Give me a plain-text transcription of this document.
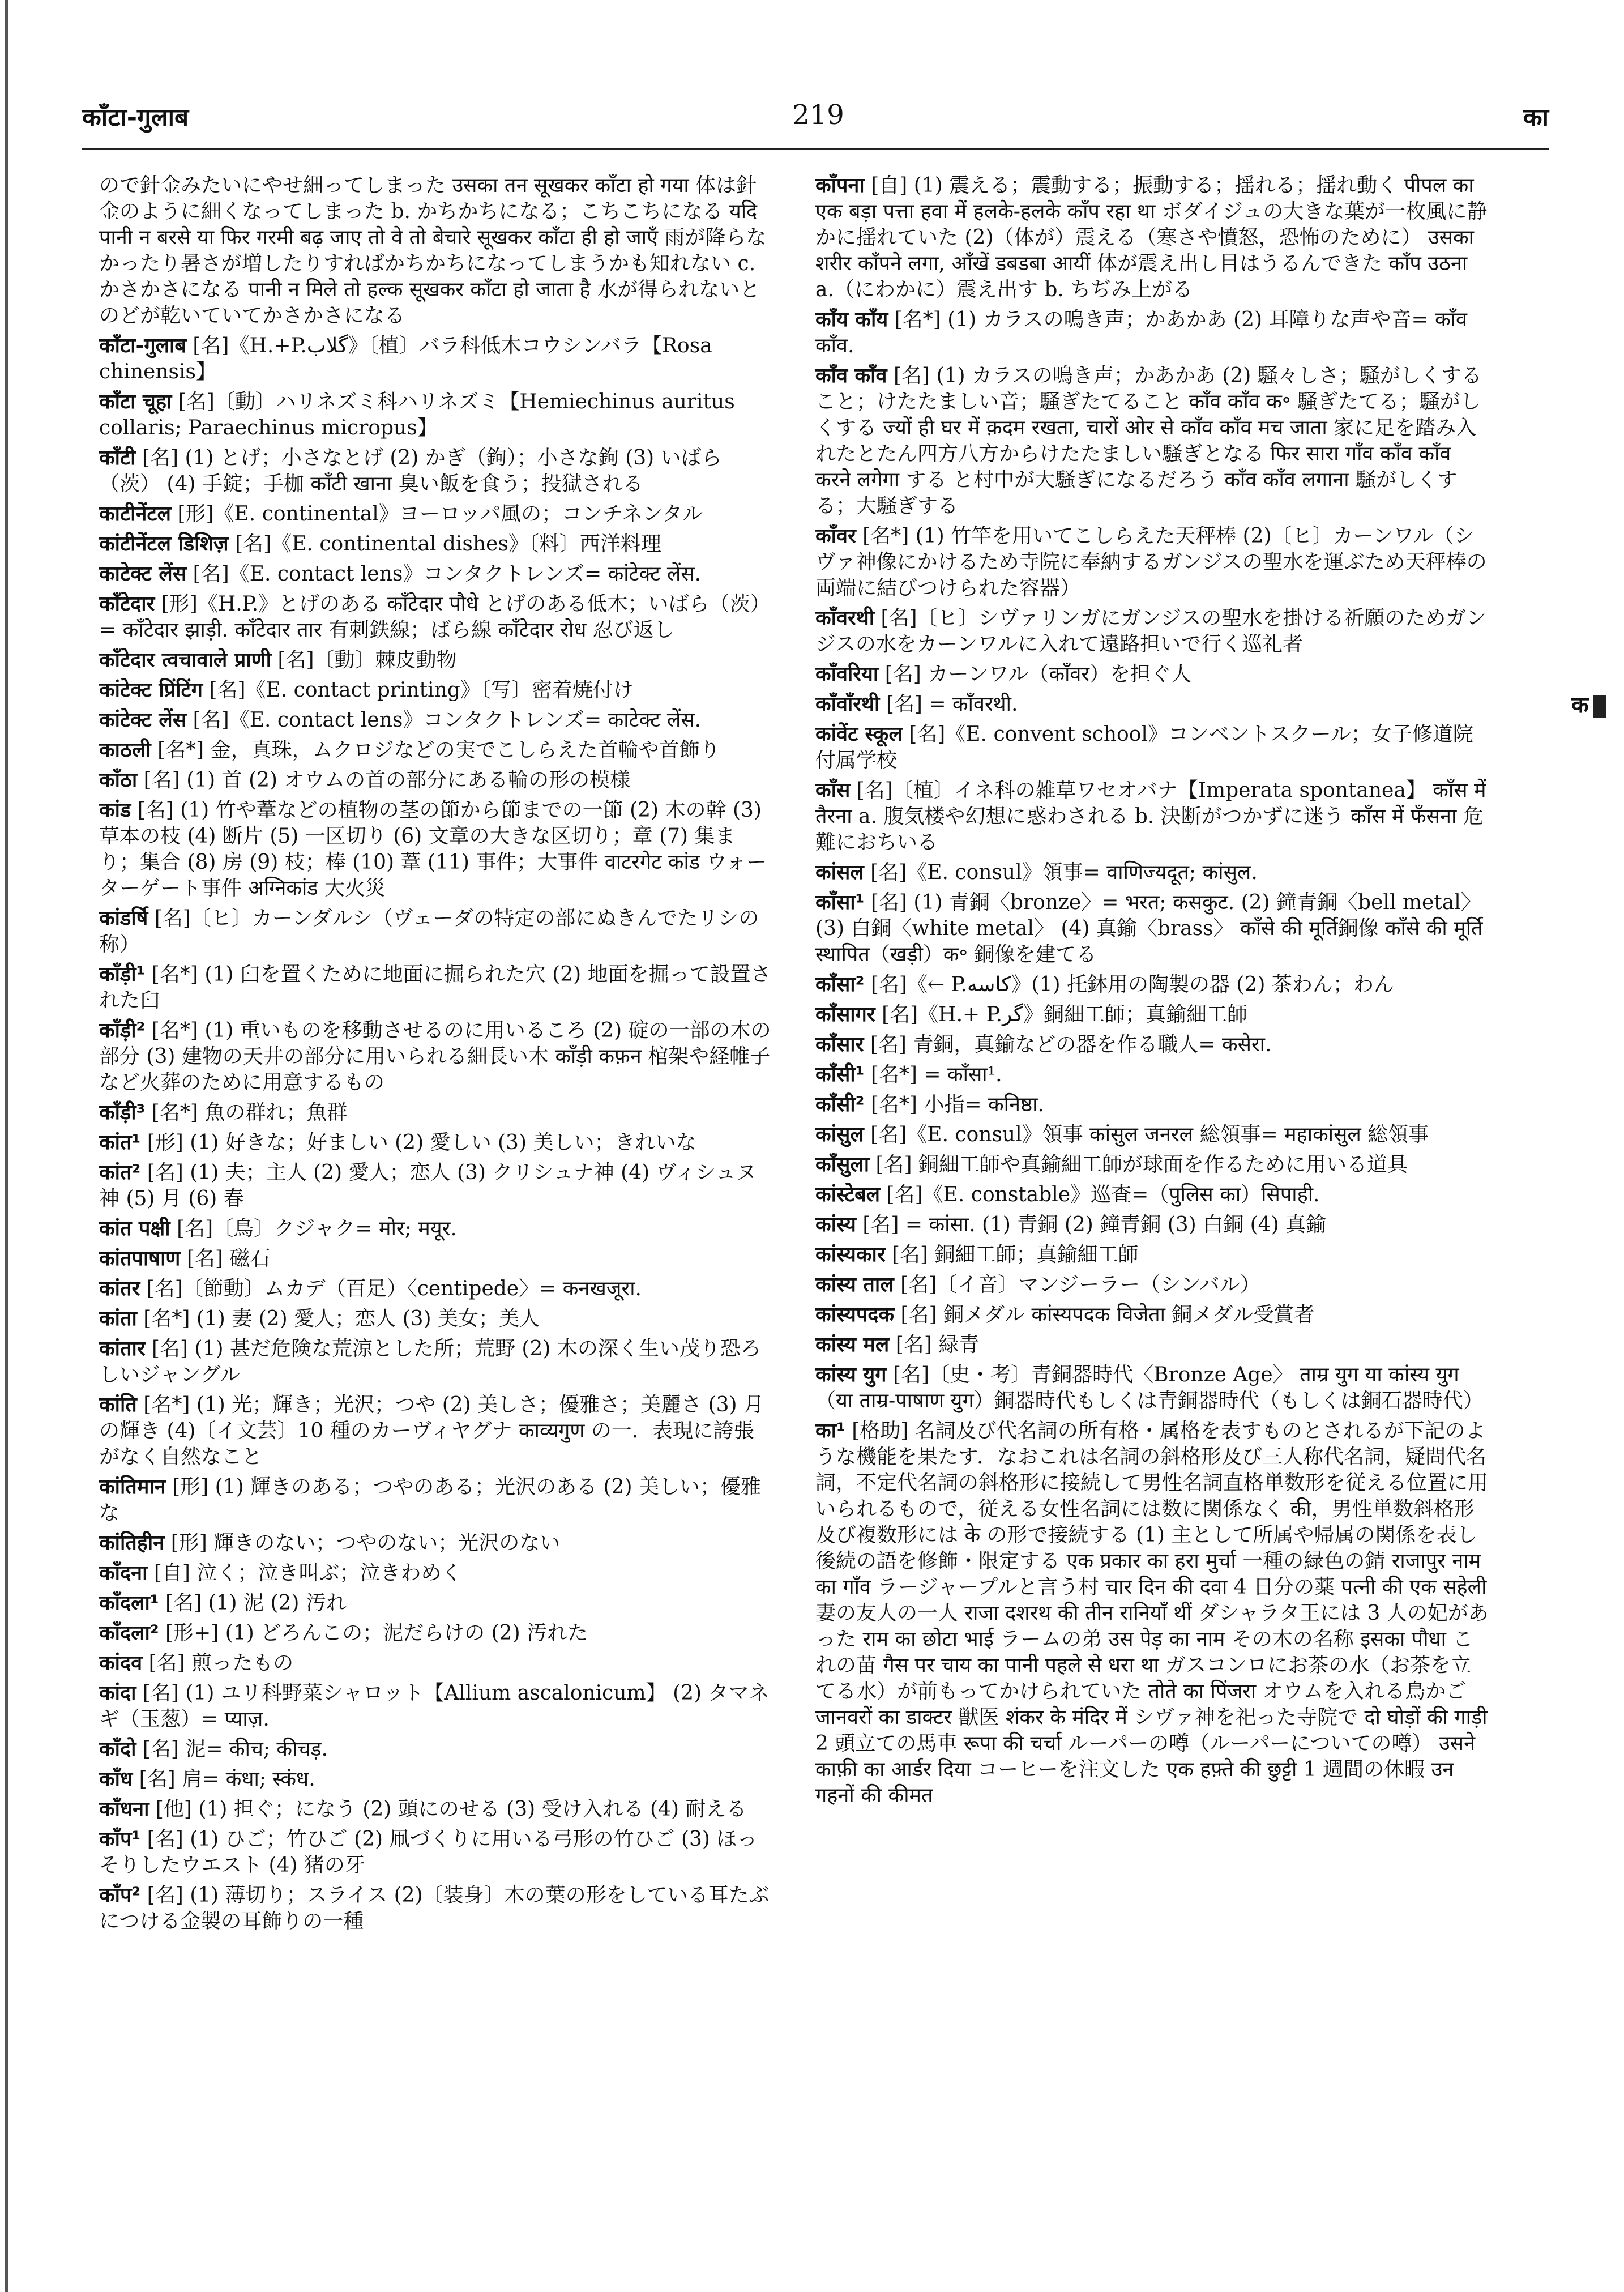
काँटा-गुलाब	219	का

ので針金みたいにやせ細ってしまった उसका तन सूखकर काँटा हो गया 体は針金のように細くなってしまった b. かちかちになる；こちこちになる यदि पानी न बरसे या फिर गरमी बढ़ जाए तो वे तो बेचारे सूखकर काँटा ही हो जाएँ 雨が降らなかったり暑さが増したりすればかちかちになってしまうかも知れない c. かさかさになる पानी न मिले तो हल्क सूखकर काँटा हो जाता है 水が得られないとのどが乾いていてかさかさになる

काँटा-गुलाब [名]《H.+P.گلاب》〔植〕バラ科低木コウシンバラ【Rosa chinensis】

काँटा चूहा [名]〔動〕ハリネズミ科ハリネズミ【Hemiechinus auritus collaris; Paraechinus micropus】

काँटी [名] (1) とげ；小さなとげ (2) かぎ（鉤）；小さな鉤 (3) いばら（茨） (4) 手錠；手枷 काँटी खाना 臭い飯を食う；投獄される

काटीनेंटल [形]《E. continental》ヨーロッパ風の；コンチネンタル

कांटीनेंटल डिशिज़ [名]《E. continental dishes》〔料〕西洋料理

काटेक्ट लेंस [名]《E. contact lens》コンタクトレンズ= कांटेक्ट लेंस.

काँटेदार [形]《H.P.》とげのある काँटेदार पौधे とげのある低木；いばら（茨）= काँटेदार झाड़ी. काँटेदार तार 有刺鉄線；ばら線 काँटेदार रोध 忍び返し

काँटेदार त्वचावाले प्राणी [名]〔動〕棘皮動物

कांटेक्ट प्रिंटिंग [名]《E. contact printing》〔写〕密着焼付け

कांटेक्ट लेंस [名]《E. contact lens》コンタクトレンズ= काटेक्ट लेंस.

काठली [名*] 金，真珠，ムクロジなどの実でこしらえた首輪や首飾り

काँठा [名] (1) 首 (2) オウムの首の部分にある輪の形の模様

कांड [名] (1) 竹や葦などの植物の茎の節から節までの一節 (2) 木の幹 (3) 草本の枝 (4) 断片 (5) 一区切り (6) 文章の大きな区切り；章 (7) 集まり；集合 (8) 房 (9) 枝；棒 (10) 葦 (11) 事件；大事件 वाटरगेट कांड ウォーターゲート事件 अग्निकांड 大火災

कांडर्षि [名]〔ヒ〕カーンダルシ（ヴェーダの特定の部にぬきんでたリシの称）

काँड़ी¹ [名*] (1) 臼を置くために地面に掘られた穴 (2) 地面を掘って設置された臼

काँड़ी² [名*] (1) 重いものを移動させるのに用いるころ (2) 碇の一部の木の部分 (3) 建物の天井の部分に用いられる細長い木 काँड़ी कफ़न 棺架や経帷子など火葬のために用意するもの

काँड़ी³ [名*] 魚の群れ；魚群

कांत¹ [形] (1) 好きな；好ましい (2) 愛しい (3) 美しい；きれいな

कांत² [名] (1) 夫；主人 (2) 愛人；恋人 (3) クリシュナ神 (4) ヴィシュヌ神 (5) 月 (6) 春

कांत पक्षी [名]〔鳥〕クジャク= मोर; मयूर.

कांतपाषाण [名] 磁石

कांतर [名]〔節動〕ムカデ（百足）〈centipede〉= कनखजूरा.

कांता [名*] (1) 妻 (2) 愛人；恋人 (3) 美女；美人

कांतार [名] (1) 甚だ危険な荒涼とした所；荒野 (2) 木の深く生い茂り恐ろしいジャングル

कांति [名*] (1) 光；輝き；光沢；つや (2) 美しさ；優雅さ；美麗さ (3) 月の輝き (4)〔イ文芸〕10 種のカーヴィヤグナ काव्यगुण の一．表現に誇張がなく自然なこと

कांतिमान [形] (1) 輝きのある；つやのある；光沢のある (2) 美しい；優雅な

कांतिहीन [形] 輝きのない；つやのない；光沢のない

काँदना [自] 泣く；泣き叫ぶ；泣きわめく

काँदला¹ [名] (1) 泥 (2) 汚れ

काँदला² [形+] (1) どろんこの；泥だらけの (2) 汚れた

कांदव [名] 煎ったもの

कांदा [名] (1) ユリ科野菜シャロット【Allium ascalonicum】 (2) タマネギ（玉葱）= प्याज़.

काँदो [名] 泥= कीच; कीचड़.

काँध [名] 肩= कंधा; स्कंध.

काँधना [他] (1) 担ぐ；になう (2) 頭にのせる (3) 受け入れる (4) 耐える

काँप¹ [名] (1) ひご；竹ひご (2) 凧づくりに用いる弓形の竹ひご (3) ほっそりしたウエスト (4) 猪の牙

काँप² [名] (1) 薄切り；スライス (2)〔装身〕木の葉の形をしている耳たぶにつける金製の耳飾りの一種

काँपना [自] (1) 震える；震動する；振動する；揺れる；揺れ動く पीपल का एक बड़ा पत्ता हवा में हलके-हलके काँप रहा था ボダイジュの大きな葉が一枚風に静かに揺れていた (2)（体が）震える（寒さや憤怒，恐怖のために） उसका शरीर काँपने लगा, आँखें डबडबा आयीं 体が震え出し目はうるんできた काँप उठना a.（にわかに）震え出す b. ちぢみ上がる

काँय काँय [名*] (1) カラスの鳴き声；かあかあ (2) 耳障りな声や音= काँव काँव.

काँव काँव [名] (1) カラスの鳴き声；かあかあ (2) 騒々しさ；騒がしくすること；けたたましい音；騒ぎたてること काँव काँव क॰ 騒ぎたてる；騒がしくする ज्यों ही घर में क़दम रखता, चारों ओर से काँव काँव मच जाता 家に足を踏み入れたとたん四方八方からけたたましい騒ぎとなる फिर सारा गाँव काँव काँव करने लगेगा する と村中が大騒ぎになるだろう काँव काँव लगाना 騒がしくする；大騒ぎする

काँवर [名*] (1) 竹竿を用いてこしらえた天秤棒 (2)〔ヒ〕カーンワル（シヴァ神像にかけるため寺院に奉納するガンジスの聖水を運ぶため天秤棒の両端に結びつけられた容器）

काँवरथी [名]〔ヒ〕シヴァリンガにガンジスの聖水を掛ける祈願のためガンジスの水をカーンワルに入れて遠路担いで行く巡礼者

काँवरिया [名] カーンワル（काँवर）を担ぐ人

काँवाँरथी [名] = काँवरथी.

कांवेंट स्कूल [名]《E. convent school》コンベントスクール；女子修道院付属学校

काँस [名]〔植〕イネ科の雑草ワセオバナ【Imperata spontanea】 काँस में तैरना a. 腹気楼や幻想に惑わされる b. 決断がつかずに迷う काँस में फँसना 危難におちいる

कांसल [名]《E. consul》領事= वाणिज्यदूत; कांसुल.

काँसा¹ [名] (1) 青銅〈bronze〉= भरत; कसकुट. (2) 鐘青銅〈bell metal〉 (3) 白銅〈white metal〉 (4) 真鍮〈brass〉 काँसे की मूर्ति銅像 काँसे की मूर्ति स्थापित（खड़ी）क॰ 銅像を建てる

काँसा² [名]《← P.كاسه》(1) 托鉢用の陶製の器 (2) 茶わん；わん

काँसागर [名]《H.+ P.گر》銅細工師；真鍮細工師

काँसार [名] 青銅，真鍮などの器を作る職人= कसेरा.

काँसी¹ [名*] = काँसा¹.

काँसी² [名*] 小指= कनिष्ठा.

कांसुल [名]《E. consul》領事 कांसुल जनरल 総領事= महाकांसुल 総領事

काँसुला [名] 銅細工師や真鍮細工師が球面を作るために用いる道具

कांस्टेबल [名]《E. constable》巡査=（पुलिस का）सिपाही.

कांस्य [名] = कांसा. (1) 青銅 (2) 鐘青銅 (3) 白銅 (4) 真鍮

कांस्यकार [名] 銅細工師；真鍮細工師

कांस्य ताल [名]〔イ音〕マンジーラー（シンバル）

कांस्यपदक [名] 銅メダル कांस्यपदक विजेता 銅メダル受賞者

कांस्य मल [名] 緑青

कांस्य युग [名]〔史・考〕青銅器時代〈Bronze Age〉 ताम्र युग या कांस्य युग（या ताम्र-पाषाण युग）銅器時代もしくは青銅器時代（もしくは銅石器時代）

का¹ [格助] 名詞及び代名詞の所有格・属格を表すものとされるが下記のような機能を果たす．なおこれは名詞の斜格形及び三人称代名詞，疑問代名詞，不定代名詞の斜格形に接続して男性名詞直格単数形を従える位置に用いられるもので，従える女性名詞には数に関係なく की，男性単数斜格形及び複数形には के の形で接続する (1) 主として所属や帰属の関係を表し後続の語を修飾・限定する एक प्रकार का हरा मुर्चा 一種の緑色の錆 राजापुर नाम का गाँव ラージャープルと言う村 चार दिन की दवा 4 日分の薬 पत्नी की एक सहेली 妻の友人の一人 राजा दशरथ की तीन रानियाँ थीं ダシャラタ王には 3 人の妃があった राम का छोटा भाई ラームの弟 उस पेड़ का नाम その木の名称 इसका पौधा これの苗 गैस पर चाय का पानी पहले से धरा था ガスコンロにお茶の水（お茶を立てる水）が前もってかけられていた तोते का पिंजरा オウムを入れる鳥かご जानवरों का डाक्टर 獣医 शंकर के मंदिर में シヴァ神を祀った寺院で दो घोड़ों की गाड़ी 2 頭立ての馬車 रूपा की चर्चा ルーパーの噂（ルーパーについての噂） उसने काफ़ी का आर्डर दिया コーヒーを注文した एक हफ़्ते की छुट्टी 1 週間の休暇 उन गहनों की कीमत

क
